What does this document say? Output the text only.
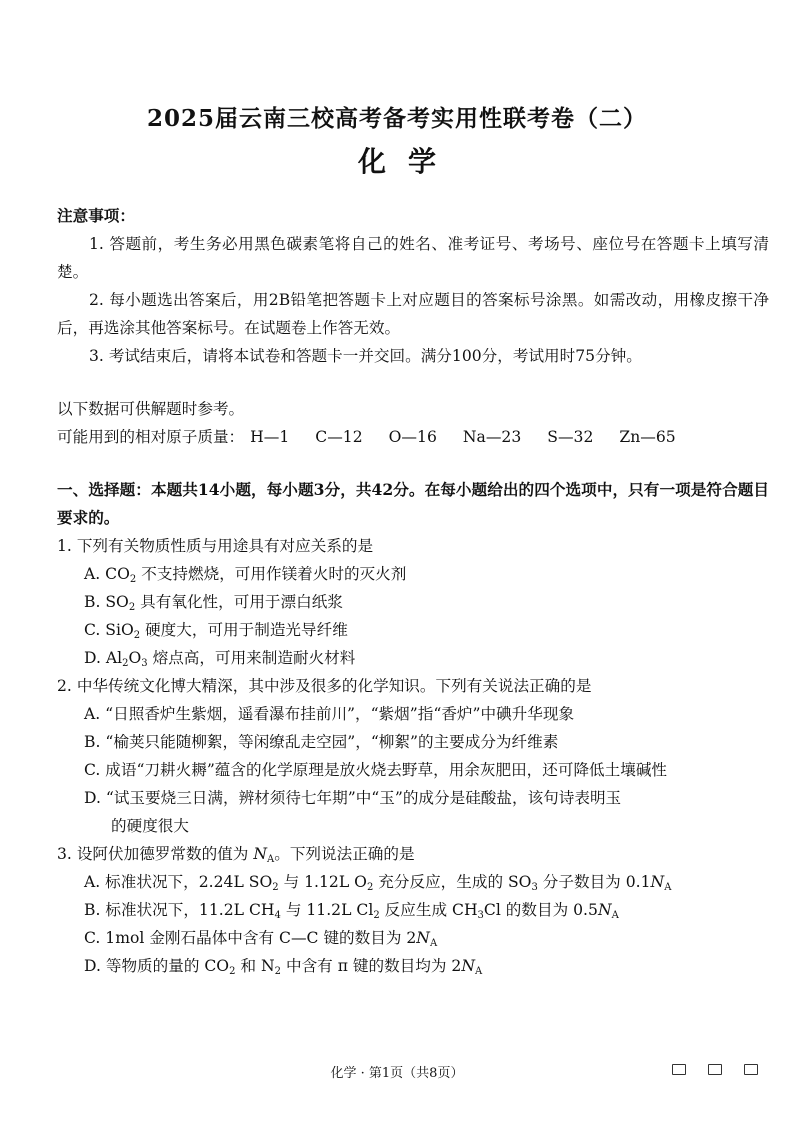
2025届云南三校高考备考实用性联考卷（二）
化学

注意事项：

1. 答题前，考生务必用黑色碳素笔将自己的姓名、准考证号、考场号、座位号在答题卡上填写清楚。

2. 每小题选出答案后，用2B铅笔把答题卡上对应题目的答案标号涂黑。如需改动，用橡皮擦干净后，再选涂其他答案标号。在试题卷上作答无效。

3. 考试结束后，请将本试卷和答题卡一并交回。满分100分，考试用时75分钟。

以下数据可供解题时参考。

可能用到的相对原子质量： H—1 C—12 O—16 Na—23 S—32 Zn—65

一、选择题：本题共14小题，每小题3分，共42分。在每小题给出的四个选项中，只有一项是符合题目要求的。

1. 下列有关物质性质与用途具有对应关系的是

A. $CO_2$ 不支持燃烧，可用作镁着火时的灭火剂

B. $SO_2$ 具有氧化性，可用于漂白纸浆

C. SiO$_2$ 硬度大，可用于制造光导纤维

D. $Al_2O_3$ 熔点高，可用来制造耐火材料

2. 中华传统文化博大精深，其中涉及很多的化学知识。下列有关说法正确的是

A. “日照香炉生紫烟，遥看瀑布挂前川”，“紫烟”指“香炉”中碘升华现象

B. “榆荚只能随柳絮，等闲缭乱走空园”，“柳絮”的主要成分为纤维素

C. 成语“刀耕火耨”蕴含的化学原理是放火烧去野草，用余灰肥田，还可降低土壤碱性

D. “试玉要烧三日满，辨材须待七年期”中“玉”的成分是硅酸盐，该句诗表明玉

的硬度很大

3. 设阿伏加德罗常数的值为 $N_A$。下列说法正确的是

A. 标准状况下，2.24L $SO_2$ 与 1.12L $O_2$ 充分反应，生成的 $SO_3$ 分子数目为 $0.1N_A$

B. 标准状况下，11.2L $CH_4$ 与 11.2L $Cl_2$ 反应生成 $CH_3Cl$ 的数目为 $0.5N_A$

C. 1mol 金刚石晶体中含有 C—C 键的数目为 $2N_A$

D. 等物质的量的 $CO_2$ 和 $N_2$ 中含有 π 键的数目均为 $2N_A$

化学 · 第1页（共8页）
